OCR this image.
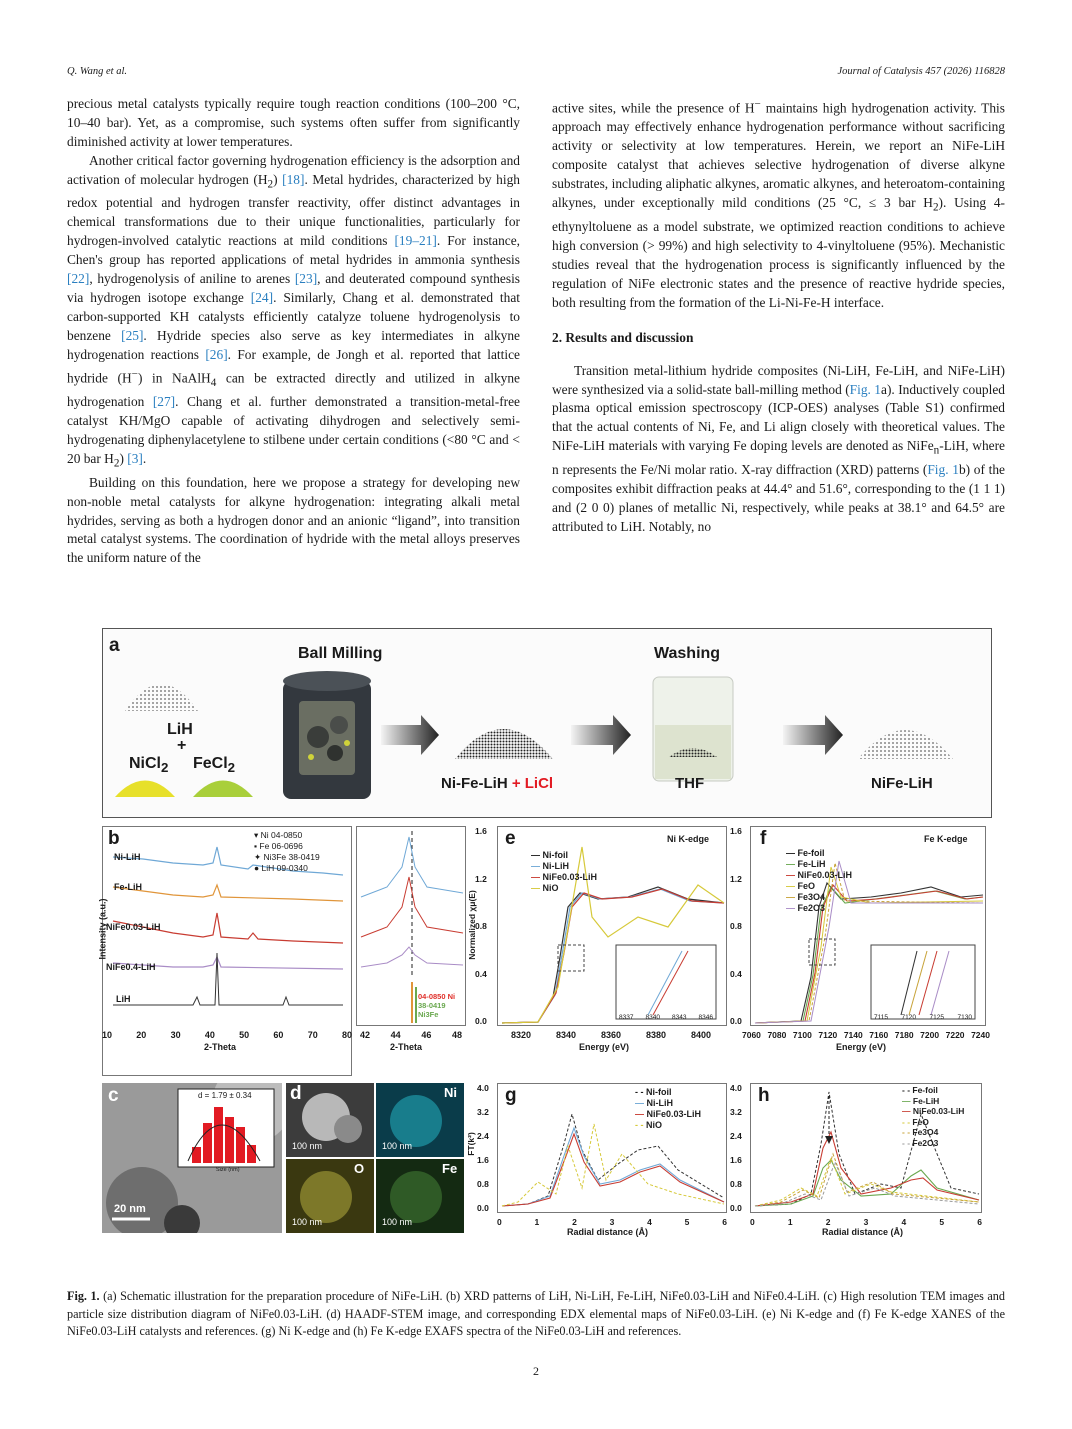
Q. Wang et al.	Journal of Catalysis 457 (2026) 116828

precious metal catalysts typically require tough reaction conditions (100–200 °C, 10–40 bar). Yet, as a compromise, such systems often suffer from significantly diminished activity at lower temperatures.

Another critical factor governing hydrogenation efficiency is the adsorption and activation of molecular hydrogen $(H_2)$ [18]. Metal hydrides, characterized by high redox potential and hydrogen transfer reactivity, offer distinct advantages in chemical transformations due to their unique functionalities, particularly for hydrogen-involved catalytic reactions at mild conditions [19–21]. For instance, Chen's group has reported applications of metal hydrides in ammonia synthesis [22], hydrogenolysis of aniline to arenes [23], and deuterated compound synthesis via hydrogen isotope exchange [24]. Similarly, Chang et al. demonstrated that carbon-supported KH catalysts efficiently catalyze toluene hydrogenolysis to benzene [25]. Hydride species also serve as key intermediates in alkyne hydrogenation reactions [26]. For example, de Jongh et al. reported that lattice hydride (H−) in NaAlH$_4$ can be extracted directly and utilized in alkyne hydrogenation [27]. Chang et al. further demonstrated a transition-metal-free catalyst KH/MgO capable of activating dihydrogen and selectively semi-hydrogenating diphenylacetylene to stilbene under certain conditions (<80 °C and < 20 bar $H_2$) [3].

Building on this foundation, here we propose a strategy for developing new non-noble metal catalysts for alkyne hydrogenation: integrating alkali metal hydrides, serving as both a hydrogen donor and an anionic “ligand”, into transition metal catalyst systems. The coordination of hydride with the metal alloys preserves the uniform nature of the

active sites, while the presence of H− maintains high hydrogenation activity. This approach may effectively enhance hydrogenation performance without sacrificing activity or selectivity at low temperatures. Herein, we report an NiFe-LiH composite catalyst that achieves selective hydrogenation of diverse alkyne substrates, including aliphatic alkynes, aromatic alkynes, and heteroatom-containing alkynes, under exceptionally mild conditions (25 °C, ≤ 3 bar $H_2$). Using 4-ethynyltoluene as a model substrate, we optimized reaction conditions to achieve high conversion (> 99%) and high selectivity to 4-vinyltoluene (95%). Mechanistic studies reveal that the hydrogenation process is significantly influenced by the regulation of NiFe electronic states and the presence of reactive hydride species, both resulting from the formation of the Li-Ni-Fe-H interface.

2. Results and discussion

Transition metal-lithium hydride composites (Ni-LiH, Fe-LiH, and NiFe-LiH) were synthesized via a solid-state ball-milling method (Fig. 1a). Inductively coupled plasma optical emission spectroscopy (ICP-OES) analyses (Table S1) confirmed that the actual contents of Ni, Fe, and Li align closely with theoretical values. The NiFe-LiH materials with varying Fe doping levels are denoted as NiFe$_n$-LiH, where n represents the Fe/Ni molar ratio. X-ray diffraction (XRD) patterns (Fig. 1b) of the composites exhibit diffraction peaks at 44.4° and 51.6°, corresponding to the (1 1 1) and (2 0 0) planes of metallic Ni, respectively, while peaks at 38.1° and 64.5° are attributed to LiH. Notably, no

a	Ball Milling	Washing
LiH
+
NiCl$_2$ FeCl$_2$
Ni-Fe-LiH + LiCl	THF	NiFe-LiH
b	▾ Ni 04-0850
▪ Fe 06-0696
✦ Ni3Fe 38-0419
● LiH 09-0340
Ni-LiH
Fe-LiH
NiFe0.03-LiH
NiFe0.4-LiH
LiH
Intensity (a.u.)
10	20	30	40	50	60	70	80
2-Theta
04-0850 Ni
38-0419 Ni3Fe
42 44 46 48
2-Theta
e	Ni K-edge
— Ni-foil
— Ni-LiH
— NiFe0.03-LiH
— NiO
8337 8340 8343 8346
0.0
0.4
0.8
1.2
1.6
Normalized χμ(E)
8320	8340	8360	8380	8400
Energy (eV)
f	Fe K-edge
— Fe-foil
— Fe-LiH
— NiFe0.03-LiH
— FeO
— Fe3O4
— Fe2O3
7115 7120 7125 7130
0.0
0.4
0.8
1.2
1.6
7060 7080 7100 7120 7140 7160 7180 7200 7220 7240
Energy (eV)
c	d = 1.79 ± 0.34
Size (nm)
20 nm
d	Ni
O	Fe
100 nm	100 nm
100 nm	100 nm
g	- - Ni-foil
— Ni-LiH
— NiFe0.03-LiH
- - NiO
0.0
0.8
1.6
2.4
3.2
4.0
FT(k²)
0	1	2	3	4	5	6
Radial distance (Å)
h	- - Fe-foil
— Fe-LiH
— NiFe0.03-LiH
- - FeO
- - Fe3O4
- - Fe2O3
0.0
0.8
1.6
2.4
3.2
4.0
0	1	2	3	4	5	6
Radial distance (Å)
Fig. 1. (a) Schematic illustration for the preparation procedure of NiFe-LiH. (b) XRD patterns of LiH, Ni-LiH, Fe-LiH, NiFe0.03-LiH and NiFe0.4-LiH. (c) High resolution TEM images and particle size distribution diagram of NiFe0.03-LiH. (d) HAADF-STEM image, and corresponding EDX elemental maps of NiFe0.03-LiH. (e) Ni K-edge and (f) Fe K-edge XANES of the NiFe0.03-LiH catalysts and references. (g) Ni K-edge and (h) Fe K-edge EXAFS spectra of the NiFe0.03-LiH and references.
2
